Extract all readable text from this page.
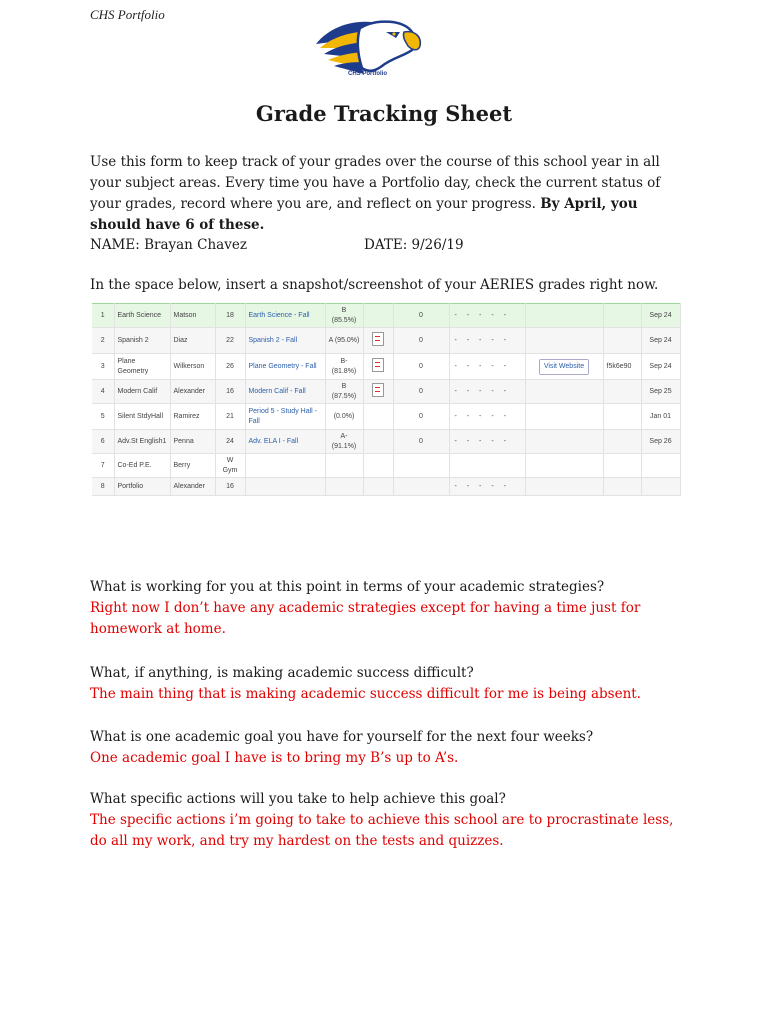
CHS Portfolio
CHS Portfolio
Grade Tracking Sheet
Use this form to keep track of your grades over the course of this school year in all your subject areas. Every time you have a Portfolio day, check the current status of your grades, record where you are, and reflect on your progress. By April, you should have 6 of these.
NAME: Brayan Chavez	DATE: 9/26/19
In the space below, insert a snapshot/screenshot of your AERIES grades right now.
1	Earth Science	Matson	18	Earth Science - Fall	B (85.5%)		0	- - - - -			Sep 24
2	Spanish 2	Diaz	22	Spanish 2 - Fall	A (95.0%)		0	- - - - -			Sep 24
3	Plane Geometry	Wilkerson	26	Plane Geometry - Fall	B- (81.8%)		0	- - - - -	Visit Website	f5k6e90	Sep 24
4	Modern Calif	Alexander	16	Modern Calif - Fall	B (87.5%)		0	- - - - -			Sep 25
5	Silent StdyHall	Ramirez	21	Period 5 - Study Hall - Fall	(0.0%)		0	- - - - -			Jan 01
6	Adv.St English1	Penna	24	Adv. ELA I - Fall	A- (91.1%)		0	- - - - -			Sep 26
7	Co-Ed P.E.	Berry	W Gym								
8	Portfolio	Alexander	16					- - - - -			
What is working for you at this point in terms of your academic strategies?
Right now I don’t have any academic strategies except for having a time just for homework at home.
What, if anything, is making academic success difficult?
The main thing that is making academic success difficult for me is being absent.
What is one academic goal you have for yourself for the next four weeks?
One academic goal I have is to bring my B’s up to A’s.
What specific actions will you take to help achieve this goal?
The specific actions i’m going to take to achieve this school are to procrastinate less, do all my work, and try my hardest on the tests and quizzes.
